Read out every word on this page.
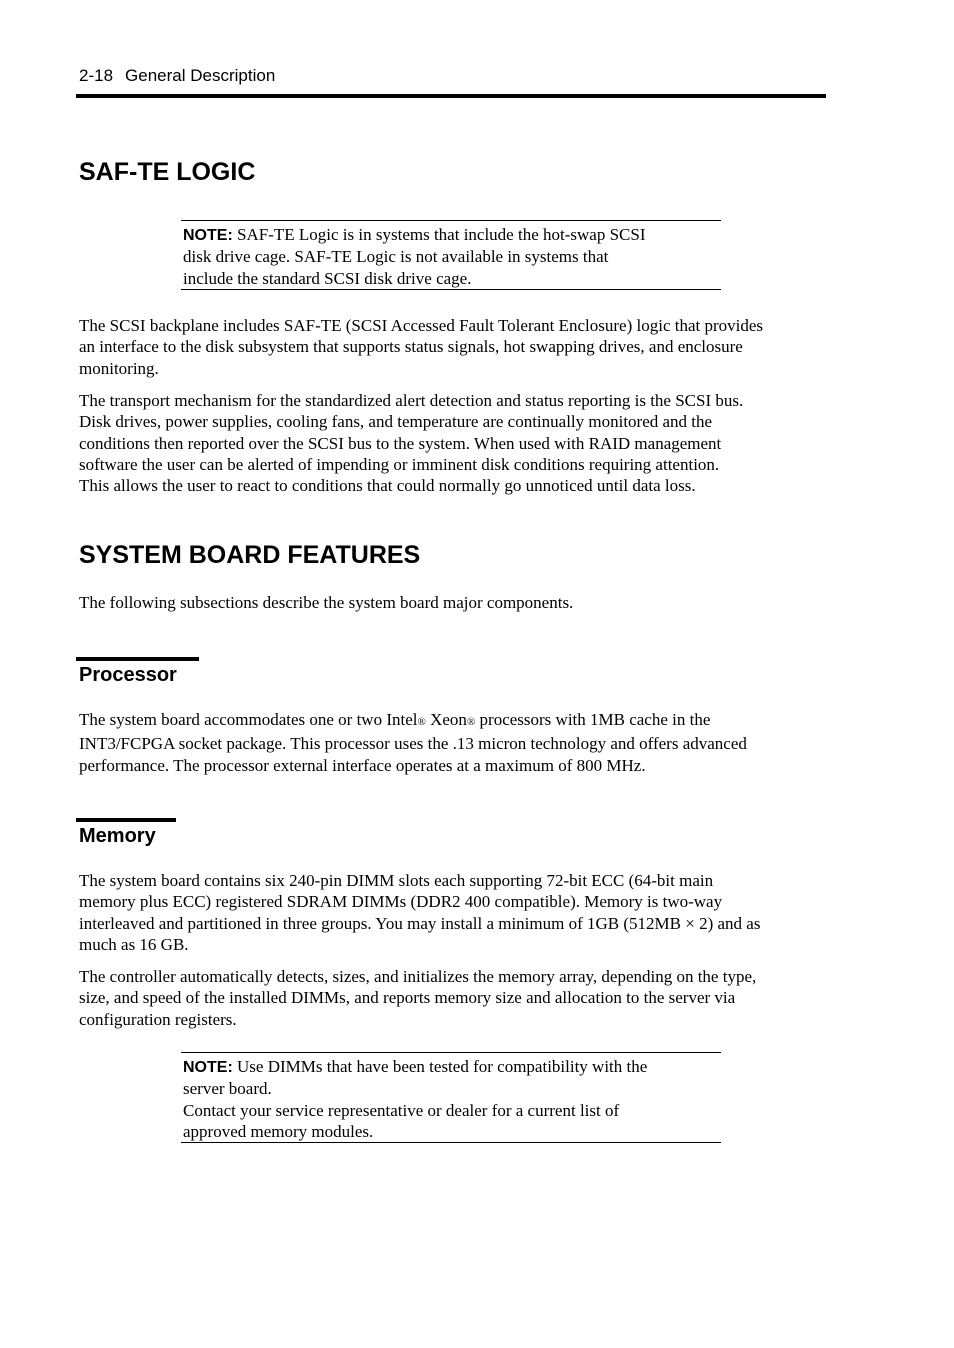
2-18 General Description
SAF-TE LOGIC
NOTE: SAF-TE Logic is in systems that include the hot-swap SCSI
disk drive cage. SAF-TE Logic is not available in systems that
include the standard SCSI disk drive cage.

The SCSI backplane includes SAF-TE (SCSI Accessed Fault Tolerant Enclosure) logic that provides
an interface to the disk subsystem that supports status signals, hot swapping drives, and enclosure
monitoring.

The transport mechanism for the standardized alert detection and status reporting is the SCSI bus.
Disk drives, power supplies, cooling fans, and temperature are continually monitored and the
conditions then reported over the SCSI bus to the system. When used with RAID management
software the user can be alerted of impending or imminent disk conditions requiring attention.
This allows the user to react to conditions that could normally go unnoticed until data loss.

SYSTEM BOARD FEATURES

The following subsections describe the system board major components.

Processor

The system board accommodates one or two Intel® Xeon® processors with 1MB cache in the
INT3/FCPGA socket package. This processor uses the .13 micron technology and offers advanced
performance. The processor external interface operates at a maximum of 800 MHz.

Memory

The system board contains six 240-pin DIMM slots each supporting 72-bit ECC (64-bit main
memory plus ECC) registered SDRAM DIMMs (DDR2 400 compatible). Memory is two-way
interleaved and partitioned in three groups. You may install a minimum of 1GB (512MB × 2) and as
much as 16 GB.

The controller automatically detects, sizes, and initializes the memory array, depending on the type,
size, and speed of the installed DIMMs, and reports memory size and allocation to the server via
configuration registers.

NOTE: Use DIMMs that have been tested for compatibility with the
server board.
Contact your service representative or dealer for a current list of
approved memory modules.
